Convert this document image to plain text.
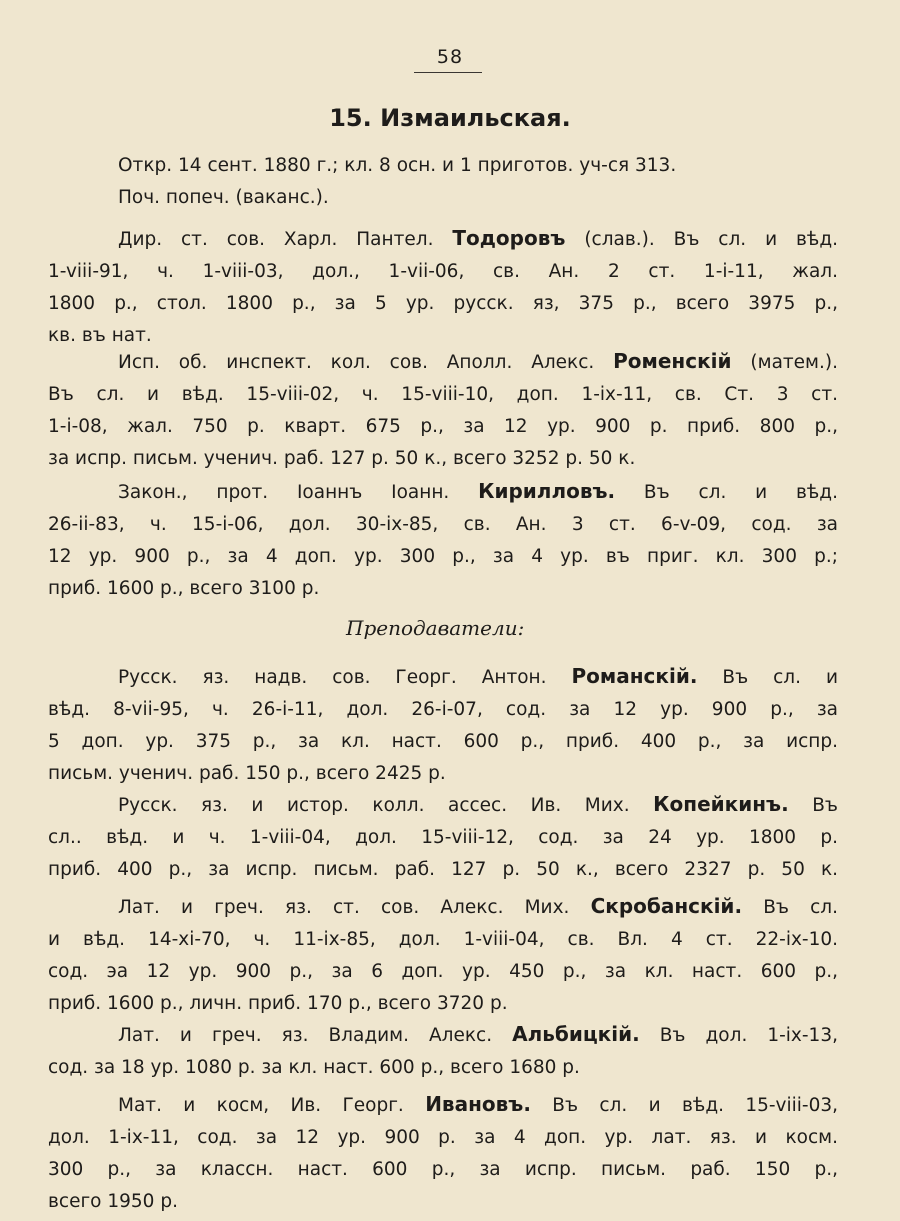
58
15. Измаильская.
Откр. 14 сент. 1880 г.; кл. 8 осн. и 1 приготов. уч-ся 313.
Поч. попеч. (ваканс.).
Дир. ст. сов. Харл. Пантел. Тодоровъ (слав.). Въ сл. и вѣд.
1-viii-91, ч. 1-viii-03, дол., 1-vii-06, св. Ан. 2 ст. 1-i-11, жал.
1800 р., стол. 1800 р., за 5 ур. русск. яз, 375 р., всего 3975 р.,
кв. въ нат.
Исп. об. инспект. кол. сов. Аполл. Алекс. Роменскій (матем.).
Въ сл. и вѣд. 15-viii-02, ч. 15-viii-10, доп. 1-ix-11, св. Ст. 3 ст.
1-i-08, жал. 750 р. кварт. 675 р., за 12 ур. 900 р. приб. 800 р.,
за испр. письм. ученич. раб. 127 р. 50 к., всего 3252 р. 50 к.
Закон., прот. Іоаннъ Іоанн. Кирилловъ. Въ сл. и вѣд.
26-ii-83, ч. 15-i-06, дол. 30-ix-85, св. Ан. 3 ст. 6-v-09, сод. за
12 ур. 900 р., за 4 доп. ур. 300 р., за 4 ур. въ приг. кл. 300 р.;
приб. 1600 р., всего 3100 р.
Преподаватели:
Русск. яз. надв. сов. Георг. Антон. Романскій. Въ сл. и
вѣд. 8-vii-95, ч. 26-i-11, дол. 26-i-07, сод. за 12 ур. 900 р., за
5 доп. ур. 375 р., за кл. наст. 600 р., приб. 400 р., за испр.
письм. ученич. раб. 150 р., всего 2425 р.
Русск. яз. и истор. колл. ассес. Ив. Мих. Копейкинъ. Въ
сл.. вѣд. и ч. 1-viii-04, дол. 15-viii-12, сод. за 24 ур. 1800 р.
приб. 400 р., за испр. письм. раб. 127 р. 50 к., всего 2327 р. 50 к.
Лат. и греч. яз. ст. сов. Алекс. Мих. Скробанскій. Въ сл.
и вѣд. 14-xi-70, ч. 11-ix-85, дол. 1-viii-04, св. Вл. 4 ст. 22-ix-10.
сод. эа 12 ур. 900 р., за 6 доп. ур. 450 р., за кл. наст. 600 р.,
приб. 1600 р., личн. приб. 170 р., всего 3720 р.
Лат. и греч. яз. Владим. Алекс. Альбицкій. Въ дол. 1-ix-13,
сод. за 18 ур. 1080 р. за кл. наст. 600 р., всего 1680 р.
Мат. и косм, Ив. Георг. Ивановъ. Въ сл. и вѣд. 15-viii-03,
дол. 1-ix-11, сод. за 12 ур. 900 р. за 4 доп. ур. лат. яз. и косм.
300 р., за классн. наст. 600 р., за испр. письм. раб. 150 р.,
всего 1950 р.
